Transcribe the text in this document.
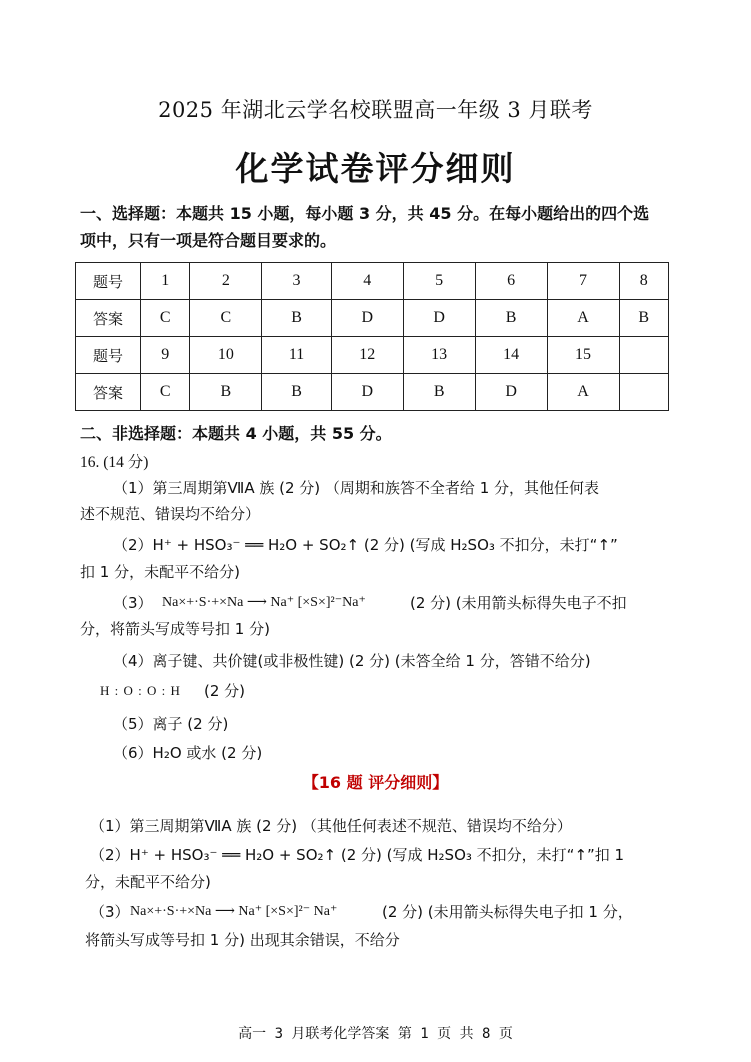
2025 年湖北云学名校联盟高一年级 3 月联考
化学试卷评分细则
一、选择题：本题共 15 小题，每小题 3 分，共 45 分。在每小题给出的四个选
项中，只有一项是符合题目要求的。
题号	1	2	3	4	5	6	7	8
答案	C	C	B	D	D	B	A	B
题号	9	10	11	12	13	14	15	
答案	C	B	B	D	B	D	A	
二、非选择题：本题共 4 小题，共 55 分。
16. (14 分)
（1）第三周期第ⅦA 族 (2 分) （周期和族答不全者给 1 分，其他任何表
述不规范、错误均不给分）
（2）H⁺ + HSO₃⁻ ══ H₂O + SO₂↑ (2 分) (写成 H₂SO₃ 不扣分，未打“↑”
扣 1 分，未配平不给分)
（3） Na×+·S·+×Na ⟶ Na⁺ [×S×]²⁻Na⁺	(2 分) (未用箭头标得失电子不扣
分，将箭头写成等号扣 1 分)
（4）离子键、共价键(或非极性键) (2 分) (未答全给 1 分，答错不给分)
H : O : O : H (2 分)
（5）离子 (2 分)
（6）H₂O 或水 (2 分)
【16 题 评分细则】
（1）第三周期第ⅦA 族 (2 分) （其他任何表述不规范、错误均不给分）
（2）H⁺ + HSO₃⁻ ══ H₂O + SO₂↑ (2 分) (写成 H₂SO₃ 不扣分，未打“↑”扣 1
分，未配平不给分)
（3） Na×+·S·+×Na ⟶ Na⁺ [×S×]²⁻ Na⁺	(2 分) (未用箭头标得失电子扣 1 分，
将箭头写成等号扣 1 分) 出现其余错误，不给分
高一 3 月联考化学答案 第 1 页 共 8 页
